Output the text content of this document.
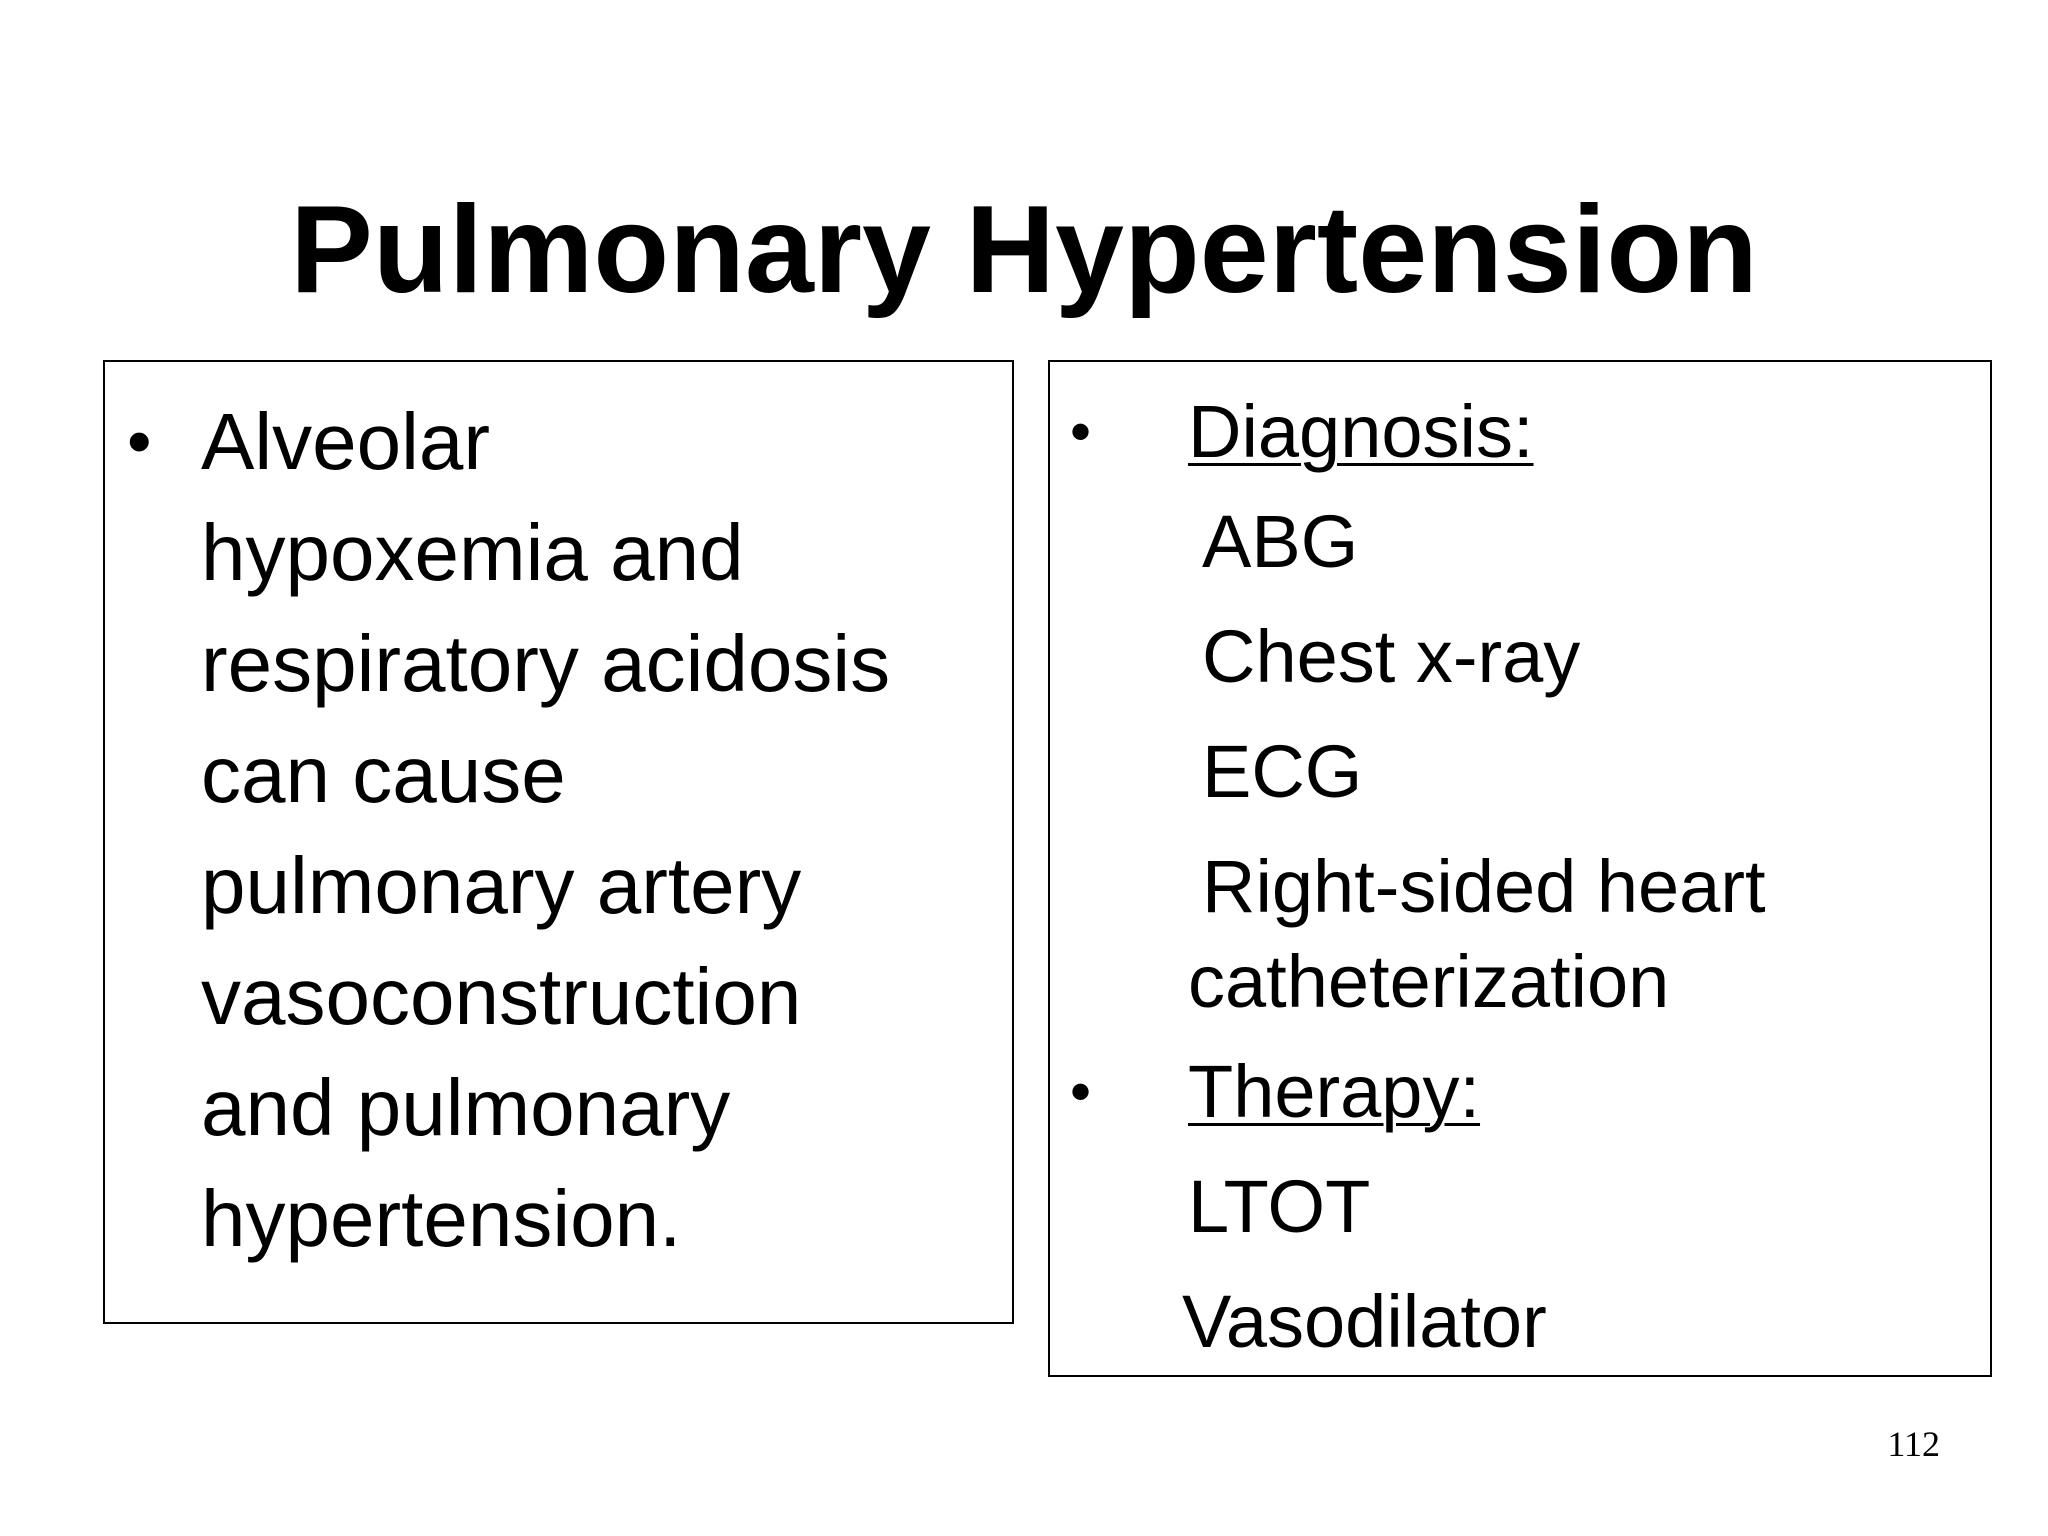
Pulmonary Hypertension
• Alveolar
hypoxemia and
respiratory acidosis
can cause
pulmonary artery
vasoconstruction
and pulmonary
hypertension.
• Diagnosis:
ABG
Chest x-ray
ECG
Right-sided heart
catheterization
• Therapy:
LTOT
Vasodilator
112
